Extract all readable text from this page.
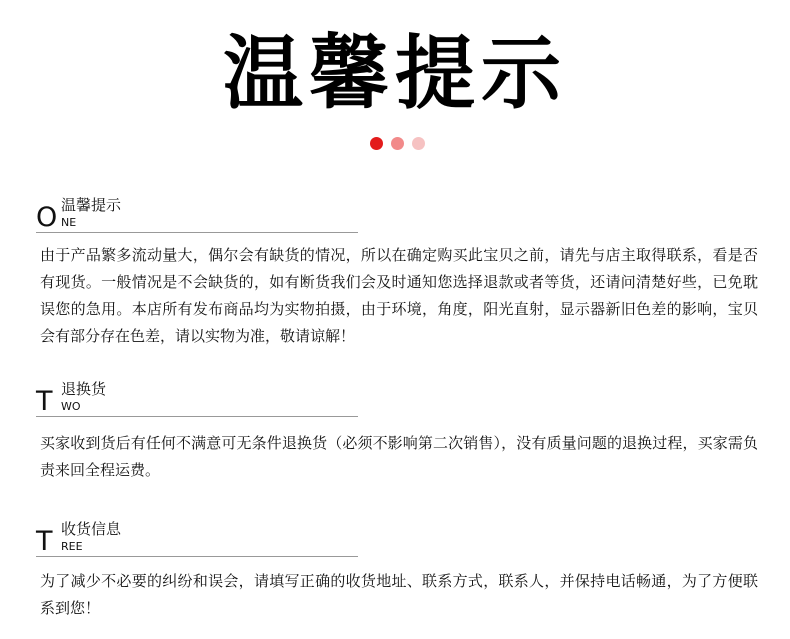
温馨提示
O 温馨提示
NE
由于产品繁多流动量大，偶尔会有缺货的情况，所以在确定购买此宝贝之前，请先与店主取得联系，看是否有现货。一般情况是不会缺货的，如有断货我们会及时通知您选择退款或者等货，还请问清楚好些，已免耽误您的急用。本店所有发布商品均为实物拍摄，由于环境，角度，阳光直射，显示器新旧色差的影响，宝贝会有部分存在色差，请以实物为准，敬请谅解！
T 退换货
WO
买家收到货后有任何不满意可无条件退换货（必须不影响第二次销售），没有质量问题的退换过程，买家需负责来回全程运费。
T 收货信息
REE
为了减少不必要的纠纷和误会，请填写正确的收货地址、联系方式，联系人，并保持电话畅通，为了方便联系到您！
